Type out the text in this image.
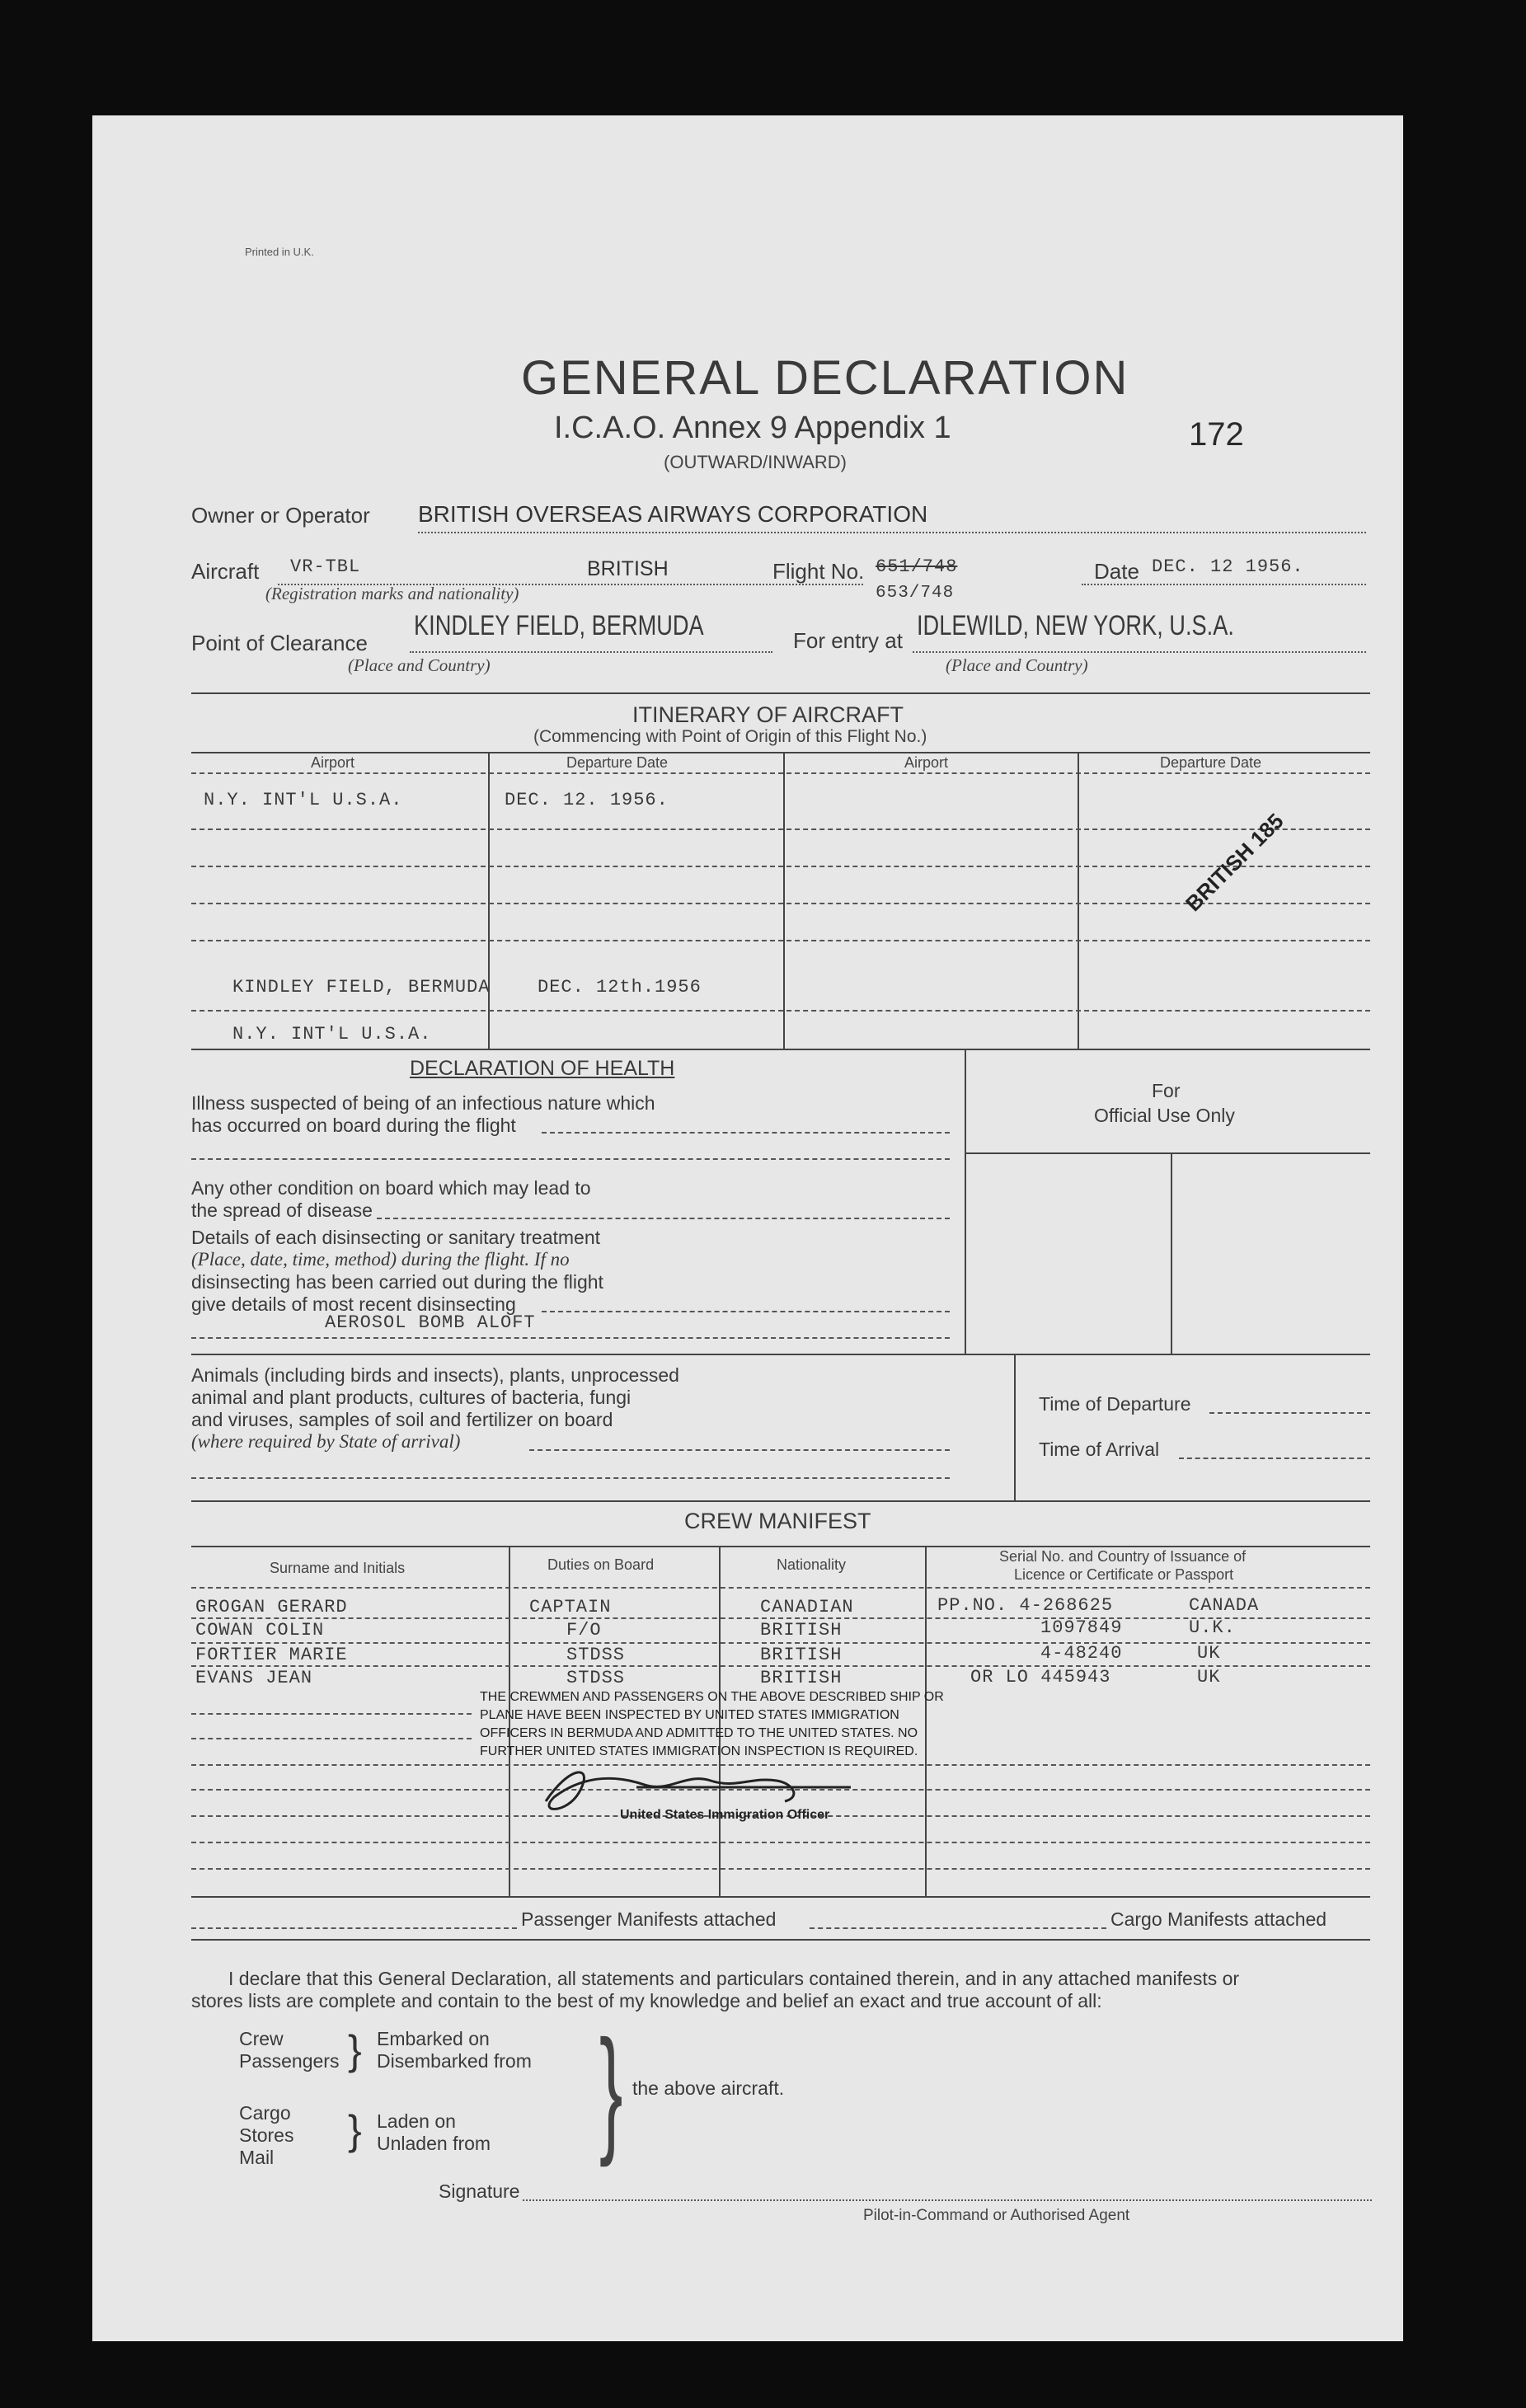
Printed in U.K.
GENERAL DECLARATION
I.C.A.O. Annex 9 Appendix 1
(OUTWARD/INWARD)
172
Owner or Operator BRITISH OVERSEAS AIRWAYS CORPORATION
Aircraft VR-TBL	BRITISH
(Registration marks and nationality)
Flight No. 651/748
653/748
Date DEC. 12 1956.
Point of Clearance
KINDLEY FIELD, BERMUDA
(Place and Country)
For entry at IDLEWILD, NEW YORK, U.S.A.
(Place and Country)
ITINERARY OF AIRCRAFT
(Commencing with Point of Origin of this Flight No.)
Airport	Departure Date	Airport	Departure Date
N.Y. INT'L U.S.A.	DEC. 12. 1956.
KINDLEY FIELD, BERMUDA	DEC. 12th.1956
N.Y. INT'L U.S.A.
BRITISH 185
DECLARATION OF HEALTH
For
Official Use Only
Illness suspected of being of an infectious nature which
has occurred on board during the flight
Any other condition on board which may lead to
the spread of disease
Details of each disinsecting or sanitary treatment
(Place, date, time, method) during the flight. If no
disinsecting has been carried out during the flight
give details of most recent disinsecting
AEROSOL BOMB ALOFT
Animals (including birds and insects), plants, unprocessed
animal and plant products, cultures of bacteria, fungi
and viruses, samples of soil and fertilizer on board
(where required by State of arrival)
Time of Departure
Time of Arrival
CREW MANIFEST
Surname and Initials	Duties on Board	Nationality	Serial No. and Country of Issuance of
Licence or Certificate or Passport
GROGAN GERARD	CAPTAIN	CANADIAN	PP.NO. 4-268625	CANADA
COWAN COLIN	F/O	BRITISH	1097849	U.K.
FORTIER MARIE	STDSS	BRITISH	4-48240	UK
EVANS JEAN	STDSS	BRITISH	OR LO 445943	UK
THE CREWMEN AND PASSENGERS ON THE ABOVE DESCRIBED SHIP OR
PLANE HAVE BEEN INSPECTED BY UNITED STATES IMMIGRATION
OFFICERS IN BERMUDA AND ADMITTED TO THE UNITED STATES. NO
FURTHER UNITED STATES IMMIGRATION INSPECTION IS REQUIRED.
United States Immigration Officer
Passenger Manifests attached	Cargo Manifests attached
I declare that this General Declaration, all statements and particulars contained therein, and in any attached manifests or
stores lists are complete and contain to the best of my knowledge and belief an exact and true account of all:
Crew
Passengers } Embarked on
Disembarked from
Cargo
Stores
Mail
} Laden on
Unladen from } the above aircraft.
Signature
Pilot-in-Command or Authorised Agent
